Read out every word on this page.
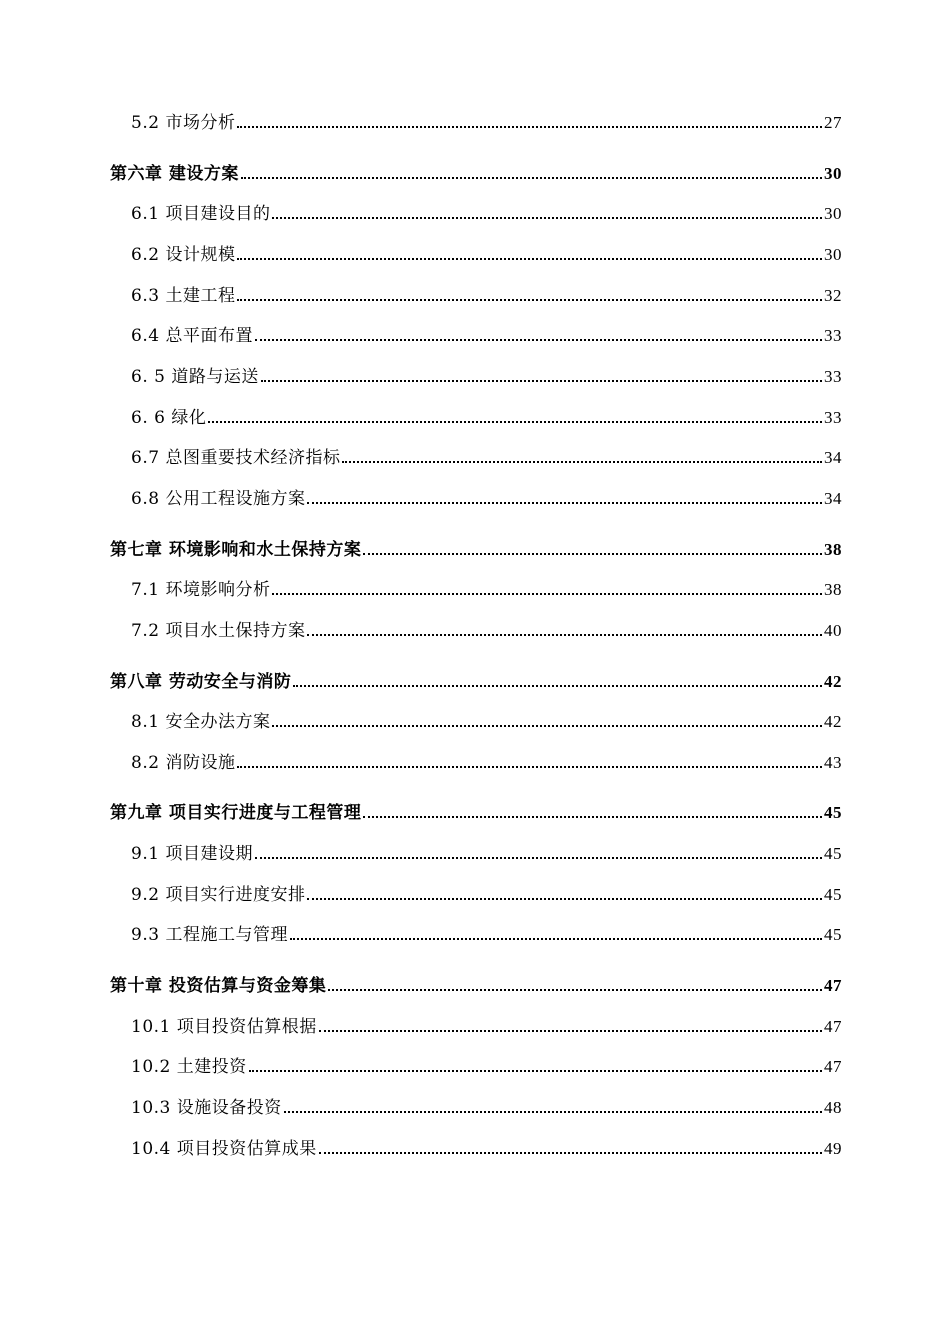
5.2 市场分析	27
第六章 建设方案	30
6.1 项目建设目的	30
6.2 设计规模	30
6.3 土建工程	32
6.4 总平面布置	33
6. 5 道路与运送	33
6. 6 绿化	33
6.7 总图重要技术经济指标	34
6.8 公用工程设施方案	34
第七章 环境影响和水土保持方案	38
7.1 环境影响分析	38
7.2 项目水土保持方案	40
第八章 劳动安全与消防	42
8.1 安全办法方案	42
8.2 消防设施	43
第九章 项目实行进度与工程管理	45
9.1 项目建设期	45
9.2 项目实行进度安排	45
9.3 工程施工与管理	45
第十章 投资估算与资金筹集	47
10.1 项目投资估算根据	47
10.2 土建投资	47
10.3 设施设备投资	48
10.4 项目投资估算成果	49
